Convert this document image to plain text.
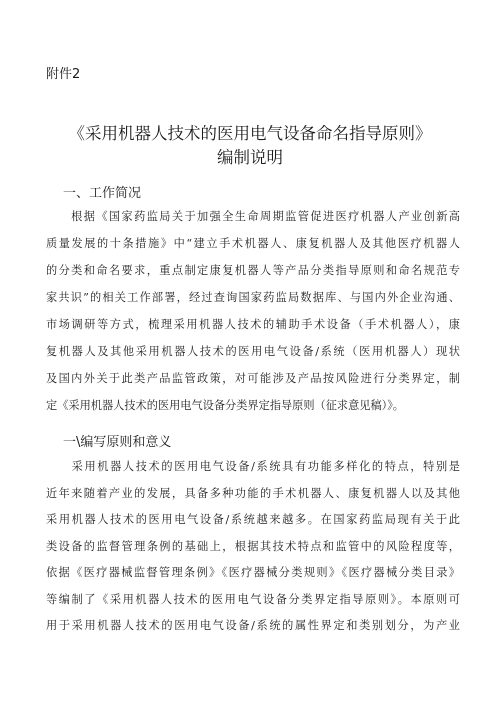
附件2
《采用机器人技术的医用电气设备命名指导原则》
编制说明
一、工作简况
　　根据《国家药监局关于加强全生命周期监管促进医疗机器人产业创新高
质量发展的十条措施》中“建立手术机器人、康复机器人及其他医疗机器人
的分类和命名要求，重点制定康复机器人等产品分类指导原则和命名规范专
家共识”的相关工作部署，经过查询国家药监局数据库、与国内外企业沟通、
市场调研等方式，梳理采用机器人技术的辅助手术设备（手术机器人），康
复机器人及其他采用机器人技术的医用电气设备/系统（医用机器人）现状
及国内外关于此类产品监管政策，对可能涉及产品按风险进行分类界定，制
定《采用机器人技术的医用电气设备分类界定指导原则（征求意见稿）》。
一\编写原则和意义
　　采用机器人技术的医用电气设备/系统具有功能多样化的特点，特别是
近年来随着产业的发展，具备多种功能的手术机器人、康复机器人以及其他
采用机器人技术的医用电气设备/系统越来越多。在国家药监局现有关于此
类设备的监督管理条例的基础上，根据其技术特点和监管中的风险程度等，
依据《医疗器械监督管理条例》《医疗器械分类规则》《医疗器械分类目录》
等编制了《采用机器人技术的医用电气设备分类界定指导原则》。本原则可
用于采用机器人技术的医用电气设备/系统的属性界定和类别划分，为产业
